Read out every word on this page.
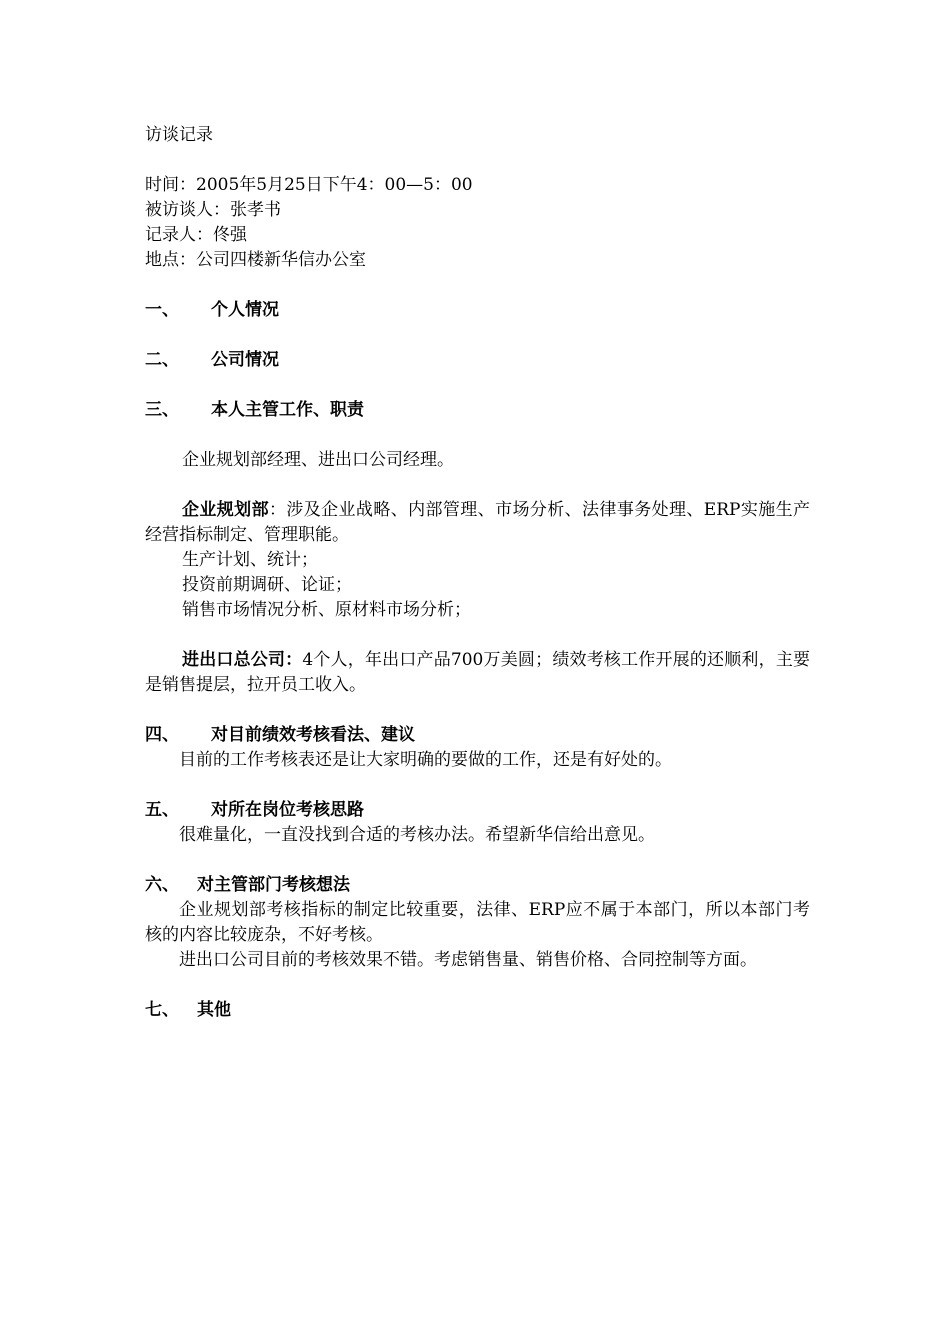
访谈记录
时间：2005年5月25日下午4：00—5：00
被访谈人：张孝书
记录人：佟强
地点：公司四楼新华信办公室
一、 个人情况
二、 公司情况
三、 本人主管工作、职责
企业规划部经理、进出口公司经理。
企业规划部：涉及企业战略、内部管理、市场分析、法律事务处理、ERP实施生产经营指标制定、管理职能。
生产计划、统计；
投资前期调研、论证；
销售市场情况分析、原材料市场分析；
进出口总公司：4个人，年出口产品700万美圆；绩效考核工作开展的还顺利，主要是销售提层，拉开员工收入。
四、 对目前绩效考核看法、建议
目前的工作考核表还是让大家明确的要做的工作，还是有好处的。
五、 对所在岗位考核思路
很难量化，一直没找到合适的考核办法。希望新华信给出意见。
六、 对主管部门考核想法
企业规划部考核指标的制定比较重要，法律、ERP应不属于本部门，所以本部门考核的内容比较庞杂，不好考核。
进出口公司目前的考核效果不错。考虑销售量、销售价格、合同控制等方面。
七、 其他
